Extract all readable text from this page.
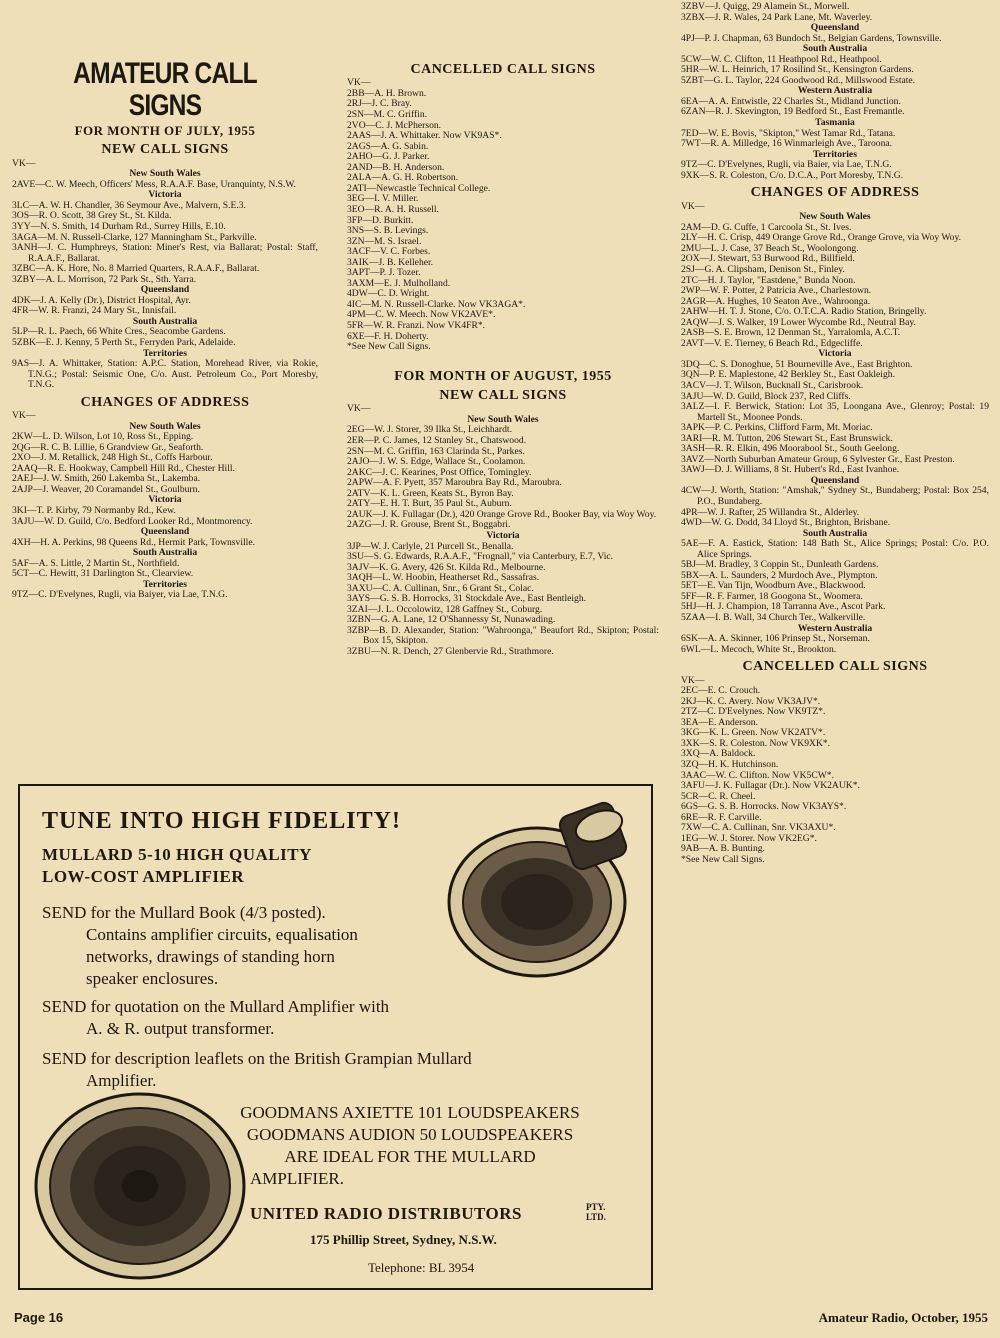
AMATEUR CALL SIGNS
FOR MONTH OF JULY, 1955
NEW CALL SIGNS
VK—
New South Wales
2AVE—C. W. Meech, Officers' Mess, R.A.A.F. Base, Uranquinty, N.S.W.
Victoria
3LC—A. W. H. Chandler, 36 Seymour Ave., Malvern, S.E.3.
3OS—R. O. Scott, 38 Grey St., St. Kilda.
3YY—N. S. Smith, 14 Durham Rd., Surrey Hills, E.10.
3AGA—M. N. Russell-Clarke, 127 Manningham St., Parkville.
3ANH—J. C. Humphreys, Station: Miner's Rest, via Ballarat; Postal: Staff, R.A.A.F., Ballarat.
3ZBC—A. K. Hore, No. 8 Married Quarters, R.A.A.F., Ballarat.
3ZBY—A. L. Morrison, 72 Park St., Sth. Yarra.
Queensland
4DK—J. A. Kelly (Dr.), District Hospital, Ayr.
4FR—W. R. Franzi, 24 Mary St., Innisfail.
South Australia
5LP—R. L. Paech, 66 White Cres., Seacombe Gardens.
5ZBK—E. J. Kenny, 5 Perth St., Ferryden Park, Adelaide.
Territories
9AS—J. A. Whittaker, Station: A.P.C. Station, Morehead River, via Rokie, T.N.G.; Postal: Seismic One, C/o. Aust. Petroleum Co., Port Moresby, T.N.G.
CHANGES OF ADDRESS
VK—
New South Wales
2KW—L. D. Wilson, Lot 10, Ross St., Epping.
2QG—R. C. B. Lillie, 6 Grandview Gr., Seaforth.
2XO—J. M. Retallick, 248 High St., Coffs Harbour.
2AAQ—R. E. Hookway, Campbell Hill Rd., Chester Hill.
2AEJ—J. W. Smith, 260 Lakemba St., Lakemba.
2AJP—J. Weaver, 20 Coramandel St., Goulburn.
Victoria
3KI—T. P. Kirby, 79 Normanby Rd., Kew.
3AJU—W. D. Guild, C/o. Bedford Looker Rd., Montmorency.
Queensland
4XH—H. A. Perkins, 98 Queens Rd., Hermit Park, Townsville.
South Australia
5AF—A. S. Little, 2 Martin St., Northfield.
5CT—C. Hewitt, 31 Darlington St., Clearview.
Territories
9TZ—C. D'Evelynes, Rugli, via Baiyer, via Lae, T.N.G.
CANCELLED CALL SIGNS
VK—
2BB—A. H. Brown.
2RJ—J. C. Bray.
2SN—M. C. Griffin.
2VO—C. J. McPherson.
2AAS—J. A. Whittaker. Now VK9AS*.
2AGS—A. G. Sabin.
2AHO—G. J. Parker.
2AND—B. H. Anderson.
2ALA—A. G. H. Robertson.
2ATI—Newcastle Technical College.
3EG—I. V. Miller.
3EO—R. A. H. Russell.
3FP—D. Burkitt.
3NS—S. B. Levings.
3ZN—M. S. Israel.
3ACF—V. C. Forbes.
3AIK—J. B. Kelleher.
3APT—P. J. Tozer.
3AXM—E. J. Mulholland.
4DW—C. D. Wright.
4IC—M. N. Russell-Clarke. Now VK3AGA*.
4PM—C. W. Meech. Now VK2AVE*.
5FR—W. R. Franzi. Now VK4FR*.
6XE—F. H. Doherty.
*See New Call Signs.
FOR MONTH OF AUGUST, 1955
NEW CALL SIGNS
VK—
New South Wales
2EG—W. J. Storer, 39 Ilka St., Leichhardt.
2ER—P. C. James, 12 Stanley St., Chatswood.
2SN—M. C. Griffin, 163 Clarinda St., Parkes.
2AJO—J. W. S. Edge, Wallace St., Coolamon.
2AKC—J. C. Kearines, Post Office, Tomingley.
2APW—A. F. Pyett, 357 Maroubra Bay Rd., Maroubra.
2ATV—K. L. Green, Keats St., Byron Bay.
2ATY—E. H. T. Burt, 35 Paul St., Auburn.
2AUK—J. K. Fullagar (Dr.), 420 Orange Grove Rd., Booker Bay, via Woy Woy.
2AZG—J. R. Grouse, Brent St., Boggabri.
Victoria
3JP—W. J. Carlyle, 21 Purcell St., Benalla.
3SU—S. G. Edwards, R.A.A.F., "Frognall," via Canterbury, E.7, Vic.
3AJV—K. G. Avery, 426 St. Kilda Rd., Melbourne.
3AQH—L. W. Hoobin, Heatherset Rd., Sassafras.
3AXU—C. A. Cullinan, Snr., 6 Grant St., Colac.
3AYS—G. S. B. Horrocks, 31 Stockdale Ave., East Bentleigh.
3ZAI—J. L. Occolowitz, 128 Gaffney St., Coburg.
3ZBN—G. A. Lane, 12 O'Shannessy St, Nunawading.
3ZBP—B. D. Alexander, Station: "Wahroonga," Beaufort Rd., Skipton; Postal: Box 15, Skipton.
3ZBU—N. R. Dench, 27 Glenbervie Rd., Strathmore.
3ZBV—J. Quigg, 29 Alamein St., Morwell.
3ZBX—J. R. Wales, 24 Park Lane, Mt. Waverley.
Queensland
4PJ—P. J. Chapman, 63 Bundoch St., Belgian Gardens, Townsville.
South Australia
5CW—W. C. Clifton, 11 Heathpool Rd., Heathpool.
5HR—W. L. Heinrich, 17 Rosilind St., Kensington Gardens.
5ZBT—G. L. Taylor, 224 Goodwood Rd., Millswood Estate.
Western Australia
6EA—A. A. Entwistle, 22 Charles St., Midland Junction.
6ZAN—R. J. Skevington, 19 Bedford St., East Fremantle.
Tasmania
7ED—W. E. Bovis, "Skipton," West Tamar Rd., Tatana.
7WT—R. A. Milledge, 16 Winmarleigh Ave., Taroona.
Territories
9TZ—C. D'Evelynes, Rugli, via Baier, via Lae, T.N.G.
9XK—S. R. Coleston, C/o. D.C.A., Port Moresby, T.N.G.
CHANGES OF ADDRESS
VK—
New South Wales
2AM—D. G. Cuffe, 1 Carcoola St., St. Ives.
2LY—H. C. Crisp, 449 Orange Grove Rd., Orange Grove, via Woy Woy.
2MU—L. J. Case, 37 Beach St., Woolongong.
2OX—J. Stewart, 53 Burwood Rd., Billfield.
2SJ—G. A. Clipsham, Denison St., Finley.
2TC—H. J. Taylor, "Eastdene," Bunda Noon.
2WP—W. F. Potter, 2 Patricia Ave., Charlestown.
2AGR—A. Hughes, 10 Seaton Ave., Wahroonga.
2AHW—H. T. J. Stone, C/o. O.T.C.A. Radio Station, Bringelly.
2AQW—J. S. Walker, 19 Lower Wycombe Rd., Neutral Bay.
2ASB—S. E. Brown, 12 Denman St., Yarralomla, A.C.T.
2AVT—V. E. Tierney, 6 Beach Rd., Edgecliffe.
Victoria
3DQ—C. S. Donoghue, 51 Bourneville Ave., East Brighton.
3QN—P. E. Maplestone, 42 Berkley St., East Oakleigh.
3ACV—J. T. Wilson, Bucknall St., Carisbrook.
3AJU—W. D. Guild, Block 237, Red Cliffs.
3ALZ—I. F. Berwick, Station: Lot 35, Loongana Ave., Glenroy; Postal: 19 Martell St., Moonee Ponds.
3APK—P. C. Perkins, Clifford Farm, Mt. Moriac.
3ARI—R. M. Tutton, 206 Stewart St., East Brunswick.
3ASH—R. R. Elkin, 496 Moorabool St., South Geelong.
3AVZ—North Suburban Amateur Group, 6 Sylvester Gr., East Preston.
3AWJ—D. J. Williams, 8 St. Hubert's Rd., East Ivanhoe.
Queensland
4CW—J. Worth, Station: "Amshak," Sydney St., Bundaberg; Postal: Box 254, P.O., Bundaberg.
4PR—W. J. Rafter, 25 Willandra St., Alderley.
4WD—W. G. Dodd, 34 Lloyd St., Brighton, Brisbane.
South Australia
5AE—F. A. Eastick, Station: 148 Bath St., Alice Springs; Postal: C/o. P.O. Alice Springs.
5BJ—M. Bradley, 3 Coppin St., Dunleath Gardens.
5BX—A. L. Saunders, 2 Murdoch Ave., Plympton.
5ET—E. Van Tijn, Woodburn Ave., Blackwood.
5FF—R. F. Farmer, 18 Googona St., Woomera.
5HJ—H. J. Champion, 18 Tarranna Ave., Ascot Park.
5ZAA—I. B. Wall, 34 Church Ter., Walkerville.
Western Australia
6SK—A. A. Skinner, 106 Prinsep St., Norseman.
6WL—L. Mecoch, White St., Brookton.
CANCELLED CALL SIGNS
VK—
2EC—E. C. Crouch.
2KJ—K. C. Avery. Now VK3AJV*.
2TZ—C. D'Evelynes. Now VK9TZ*.
3EA—E. Anderson.
3KG—K. L. Green. Now VK2ATV*.
3XK—S. R. Coleston. Now VK9XK*.
3XQ—A. Baldock.
3ZQ—H. K. Hutchinson.
3AAC—W. C. Clifton. Now VK5CW*.
3AFU—J. K. Fullagar (Dr.). Now VK2AUK*.
5CR—C. R. Cheel.
6GS—G. S. B. Horrocks. Now VK3AYS*.
6RE—R. F. Carville.
7XW—C. A. Cullinan, Snr. VK3AXU*.
1EG—W. J. Storer. Now VK2EG*.
9AB—A. B. Bunting.
*See New Call Signs.
TUNE INTO HIGH FIDELITY!
MULLARD 5-10 HIGH QUALITY
LOW-COST AMPLIFIER
SEND for the Mullard Book (4/3 posted).
Contains amplifier circuits, equalisation
networks, drawings of standing horn
speaker enclosures.
SEND for quotation on the Mullard Amplifier with
A. & R. output transformer.
SEND for description leaflets on the British Grampian Mullard
Amplifier.
GOODMANS AXIETTE 101 LOUDSPEAKERS
GOODMANS AUDION 50 LOUDSPEAKERS
ARE IDEAL FOR THE MULLARD
AMPLIFIER.
UNITED RADIO DISTRIBUTORS	PTY.
LTD.
175 Phillip Street, Sydney, N.S.W.
Telephone: BL 3954
Page 16	Amateur Radio, October, 1955
